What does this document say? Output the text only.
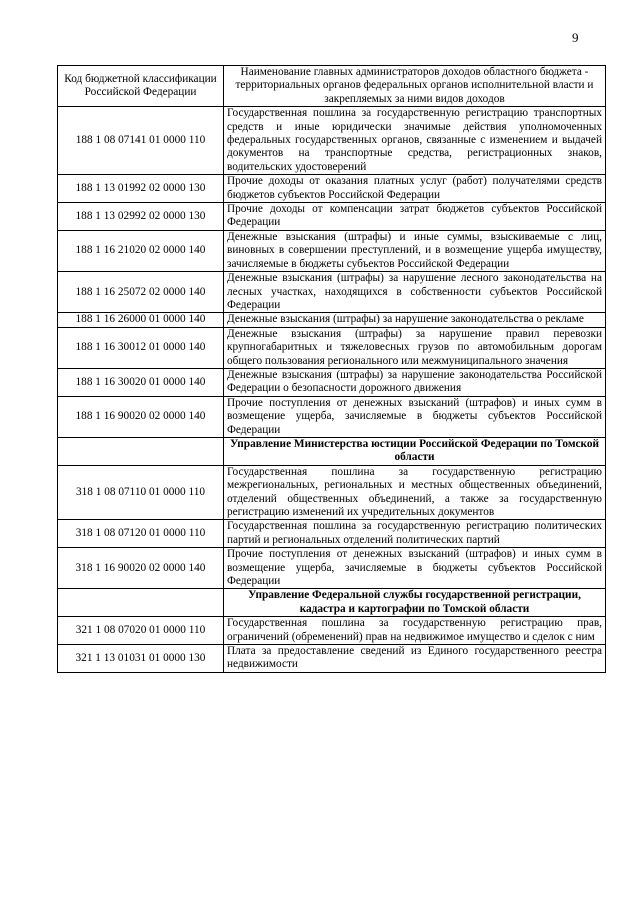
9
Код бюджетной классификации Российской Федерации	Наименование главных администраторов доходов областного бюджета - территориальных органов федеральных органов исполнительной власти и закрепляемых за ними видов доходов
188 1 08 07141 01 0000 110	Государственная пошлина за государственную регистрацию транспортных средств и иные юридически значимые действия уполномоченных федеральных государственных органов, связанные с изменением и выдачей документов на транспортные средства, регистрационных знаков, водительских удостоверений
188 1 13 01992 02 0000 130	Прочие доходы от оказания платных услуг (работ) получателями средств бюджетов субъектов Российской Федерации
188 1 13 02992 02 0000 130	Прочие доходы от компенсации затрат бюджетов субъектов Российской Федерации
188 1 16 21020 02 0000 140	Денежные взыскания (штрафы) и иные суммы, взыскиваемые с лиц, виновных в совершении преступлений, и в возмещение ущерба имуществу, зачисляемые в бюджеты субъектов Российской Федерации
188 1 16 25072 02 0000 140	Денежные взыскания (штрафы) за нарушение лесного законодательства на лесных участках, находящихся в собственности субъектов Российской Федерации
188 1 16 26000 01 0000 140	Денежные взыскания (штрафы) за нарушение законодательства о рекламе
188 1 16 30012 01 0000 140	Денежные взыскания (штрафы) за нарушение правил перевозки крупногабаритных и тяжеловесных грузов по автомобильным дорогам общего пользования регионального или межмуниципального значения
188 1 16 30020 01 0000 140	Денежные взыскания (штрафы) за нарушение законодательства Российской Федерации о безопасности дорожного движения
188 1 16 90020 02 0000 140	Прочие поступления от денежных взысканий (штрафов) и иных сумм в возмещение ущерба, зачисляемые в бюджеты субъектов Российской Федерации
	Управление Министерства юстиции Российской Федерации по Томской области
318 1 08 07110 01 0000 110	Государственная пошлина за государственную регистрацию межрегиональных, региональных и местных общественных объединений, отделений общественных объединений, а также за государственную регистрацию изменений их учредительных документов
318 1 08 07120 01 0000 110	Государственная пошлина за государственную регистрацию политических партий и региональных отделений политических партий
318 1 16 90020 02 0000 140	Прочие поступления от денежных взысканий (штрафов) и иных сумм в возмещение ущерба, зачисляемые в бюджеты субъектов Российской Федерации
	Управление Федеральной службы государственной регистрации, кадастра и картографии по Томской области
321 1 08 07020 01 0000 110	Государственная пошлина за государственную регистрацию прав, ограничений (обременений) прав на недвижимое имущество и сделок с ним
321 1 13 01031 01 0000 130	Плата за предоставление сведений из Единого государственного реестра недвижимости
